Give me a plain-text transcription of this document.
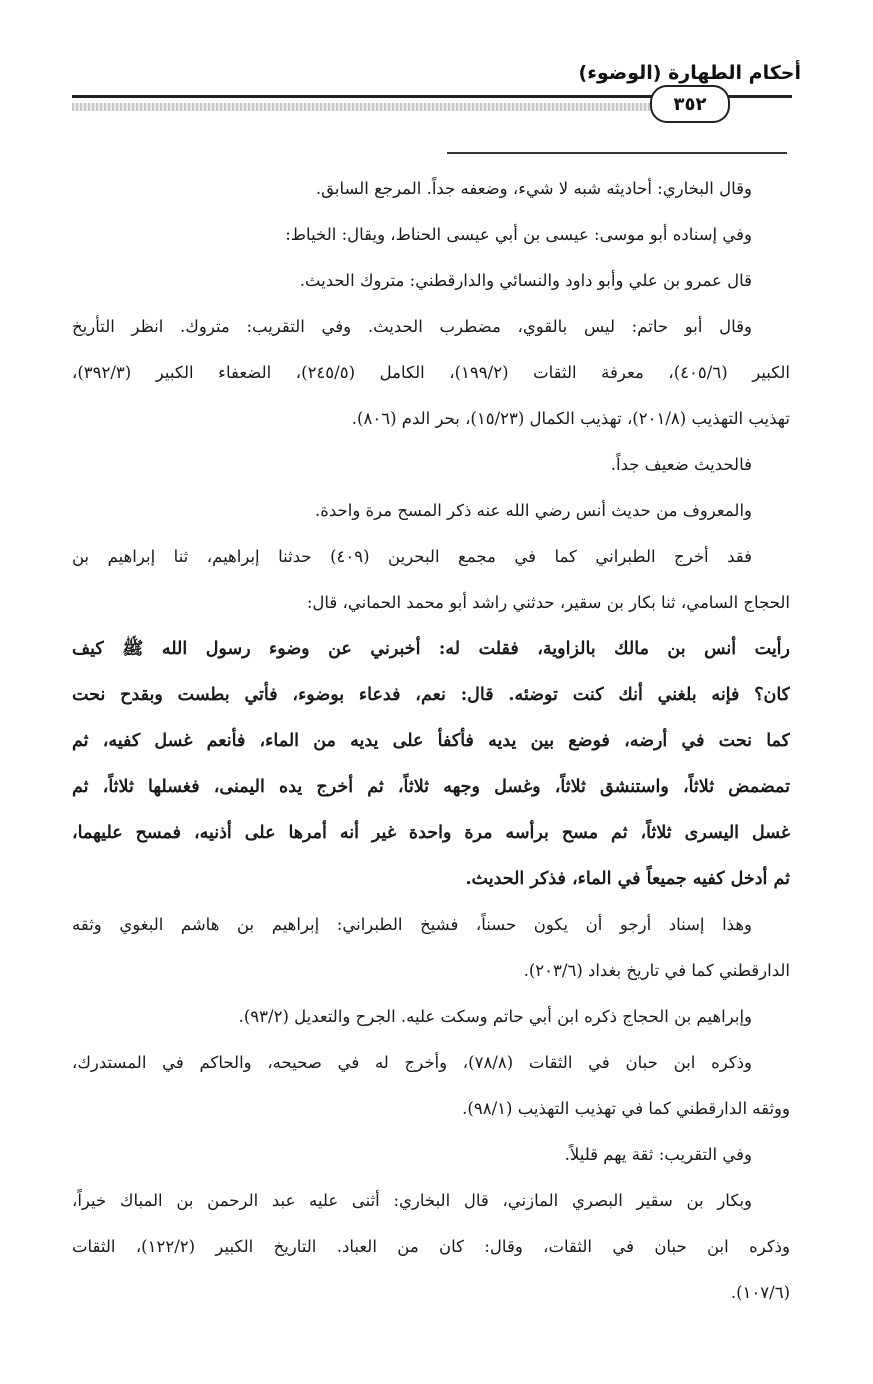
أحكام الطهارة (الوضوء)
٣٥٢
وقال البخاري: أحاديثه شبه لا شيء، وضعفه جداً. المرجع السابق.
وفي إسناده أبو موسى: عيسى بن أبي عيسى الحناط، ويقال: الخياط:
قال عمرو بن علي وأبو داود والنسائي والدارقطني: متروك الحديث.
وقال أبو حاتم: ليس بالقوي، مضطرب الحديث. وفي التقريب: متروك. انظر التأريخ
الكبير (٤٠٥/٦)، معرفة الثقات (١٩٩/٢)، الكامل (٢٤٥/٥)، الضعفاء الكبير (٣٩٢/٣)،
تهذيب التهذيب (٢٠١/٨)، تهذيب الكمال (١٥/٢٣)، بحر الدم (٨٠٦).
فالحديث ضعيف جداً.
والمعروف من حديث أنس رضي الله عنه ذكر المسح مرة واحدة.
فقد أخرج الطبراني كما في مجمع البحرين (٤٠٩) حدثنا إبراهيم، ثنا إبراهيم بن
الحجاج السامي، ثنا بكار بن سقير، حدثني راشد أبو محمد الحماني، قال:
رأيت أنس بن مالك بالزاوية، فقلت له: أخبرني عن وضوء رسول الله ﷺ كيف
كان؟ فإنه بلغني أنك كنت توضئه. قال: نعم، فدعاء بوضوء، فأتي بطست وبقدح نحت
كما نحت في أرضه، فوضع بين يديه فأكفأ على يديه من الماء، فأنعم غسل كفيه، ثم
تمضمض ثلاثاً، واستنشق ثلاثاً، وغسل وجهه ثلاثاً، ثم أخرج يده اليمنى، فغسلها ثلاثاً، ثم
غسل اليسرى ثلاثاً، ثم مسح برأسه مرة واحدة غير أنه أمرها على أذنيه، فمسح عليهما،
ثم أدخل كفيه جميعاً في الماء، فذكر الحديث.
وهذا إسناد أرجو أن يكون حسناً، فشيخ الطبراني: إبراهيم بن هاشم البغوي وثقه
الدارقطني كما في تاريخ بغداد (٢٠٣/٦).
وإبراهيم بن الحجاج ذكره ابن أبي حاتم وسكت عليه. الجرح والتعديل (٩٣/٢).
وذكره ابن حبان في الثقات (٧٨/٨)، وأخرج له في صحيحه، والحاكم في المستدرك،
ووثقه الدارقطني كما في تهذيب التهذيب (٩٨/١).
وفي التقريب: ثقة يهم قليلاً.
وبكار بن سقير البصري المازني، قال البخاري: أثنى عليه عبد الرحمن بن المباك خيراً،
وذكره ابن حبان في الثقات، وقال: كان من العباد. التاريخ الكبير (١٢٢/٢)، الثقات
(١٠٧/٦).
